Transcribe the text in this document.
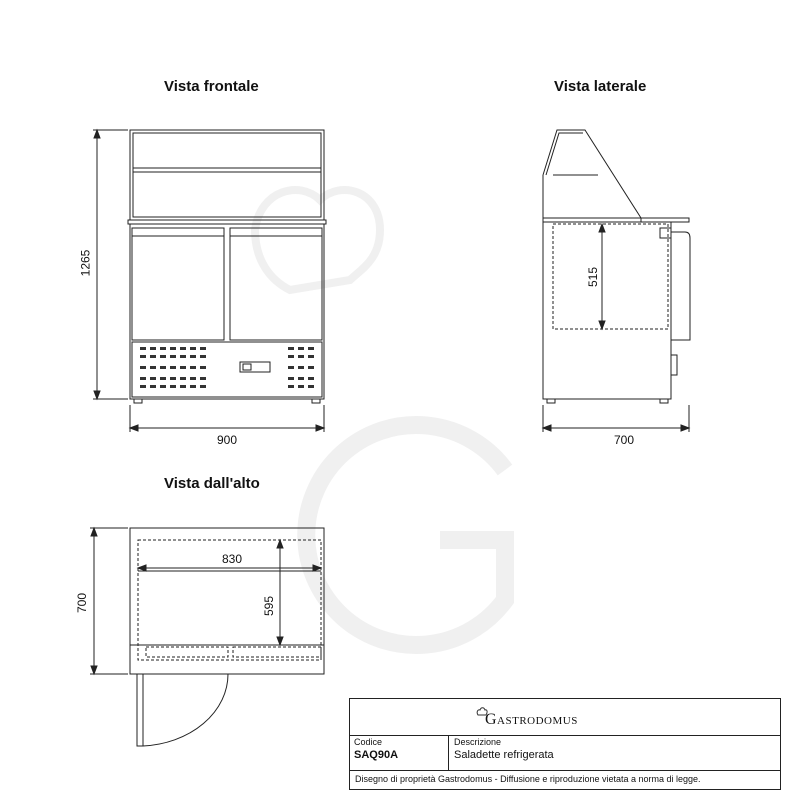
Vista frontale	Vista laterale
Vista dall'alto
1265
900
515
700
830
595
700
Gastrodomus
Codice
SAQ90A
Descrizione
Saladette refrigerata
Disegno di proprietà Gastrodomus - Diffusione e riproduzione vietata a norma di legge.
